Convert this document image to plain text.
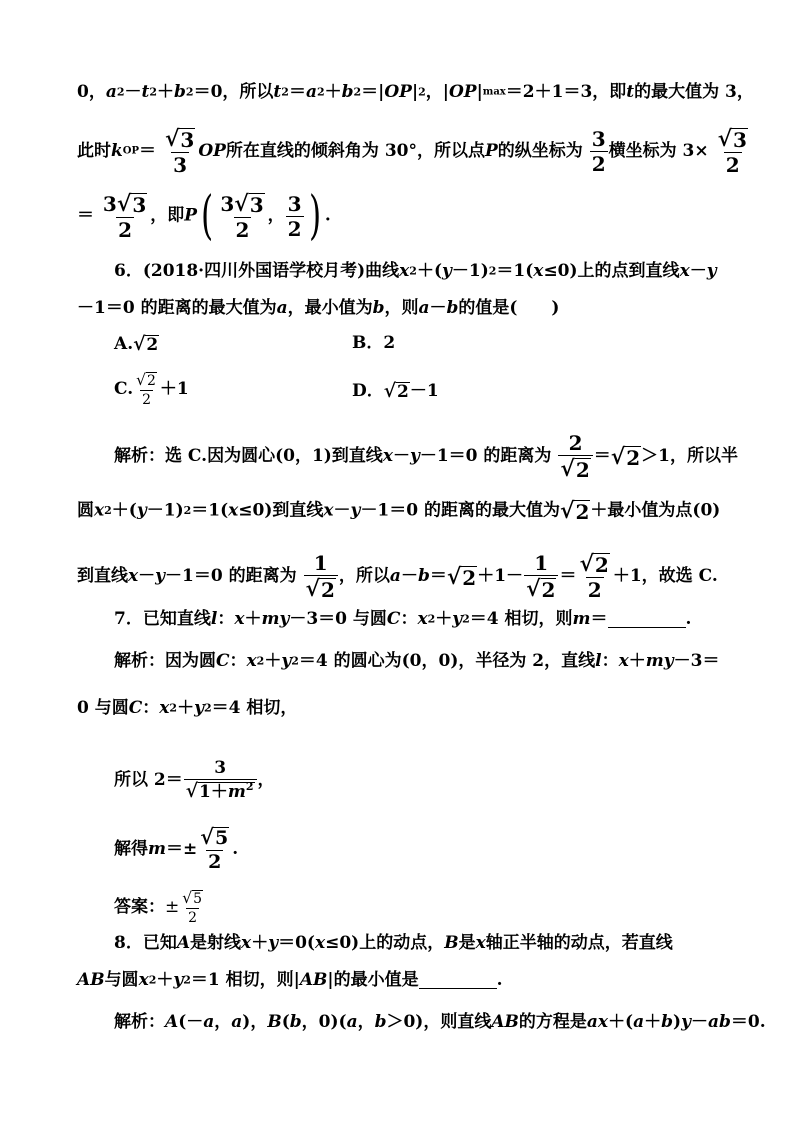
0，a2－t2＋b2＝0，所以t2＝a2＋b2＝|OP|2，|OP|max＝2＋1＝3，即t的最大值为 3，
此时$kOP= \frac{√ 3}{3}$ OP所在直线的倾斜角为 30°，所以点P的纵坐标为 $\frac{3}{2}$ 横坐标为 $3\times \frac{√ 3}{2}$
＝ $\frac{3 √ 3}{2}$ ，即$P( \frac{3 √ 3}{2}$ ， $\frac{3}{2}$ ) .
6．(2018·四川外国语学校月考)曲线x2＋(y－1)2＝1(x≤0)上的点到直线x－y
－1＝0 的距离的最大值为a，最小值为b，则a－b的值是(　　)
A. √ 2	B．2
C. $\frac{√ 2}{2} +1$	D． √ 2 －1
解析：选 C.因为圆心(0，1)到直线x－y－1＝0 的距离为 $\frac{2}{√ 2}$ ＝ √ 2 ＞1，所以半
圆x2＋(y－1)2＝1(x≤0)到直线x－y－1＝0 的距离的最大值为 √ 2 ＋最小值为点(0)
到直线x－y－1＝0 的距离为 $\frac{1}{√ 2}$ ，所以a－b＝ √ $2 +1- \frac{1}{√ 2} = \frac{√ 2}{2} +1$，故选 C.
7．已知直线l：x＋my－3＝0 与圆C：x2＋y2＝4 相切，则m＝	.
解析：因为圆C：x2＋y2＝4 的圆心为(0，0)，半径为 2，直线l：x＋my－3＝
0 与圆C：x2＋y2＝4 相切，
所以 $2= \frac{3}{√ 1+m^2}$ ，
解得$m=\pm \frac{√ 5}{2}$ .
答案：± $\frac{√ 5}{2}$
8．已知A是射线x＋y＝0(x≤0)上的动点，B是x轴正半轴的动点，若直线
AB与圆x2＋y2＝1 相切，则|AB|的最小值是	.
解析：A(－a，a)，B(b，0)(a，b＞0)，则直线AB的方程是ax＋(a＋b)y－ab＝0.
